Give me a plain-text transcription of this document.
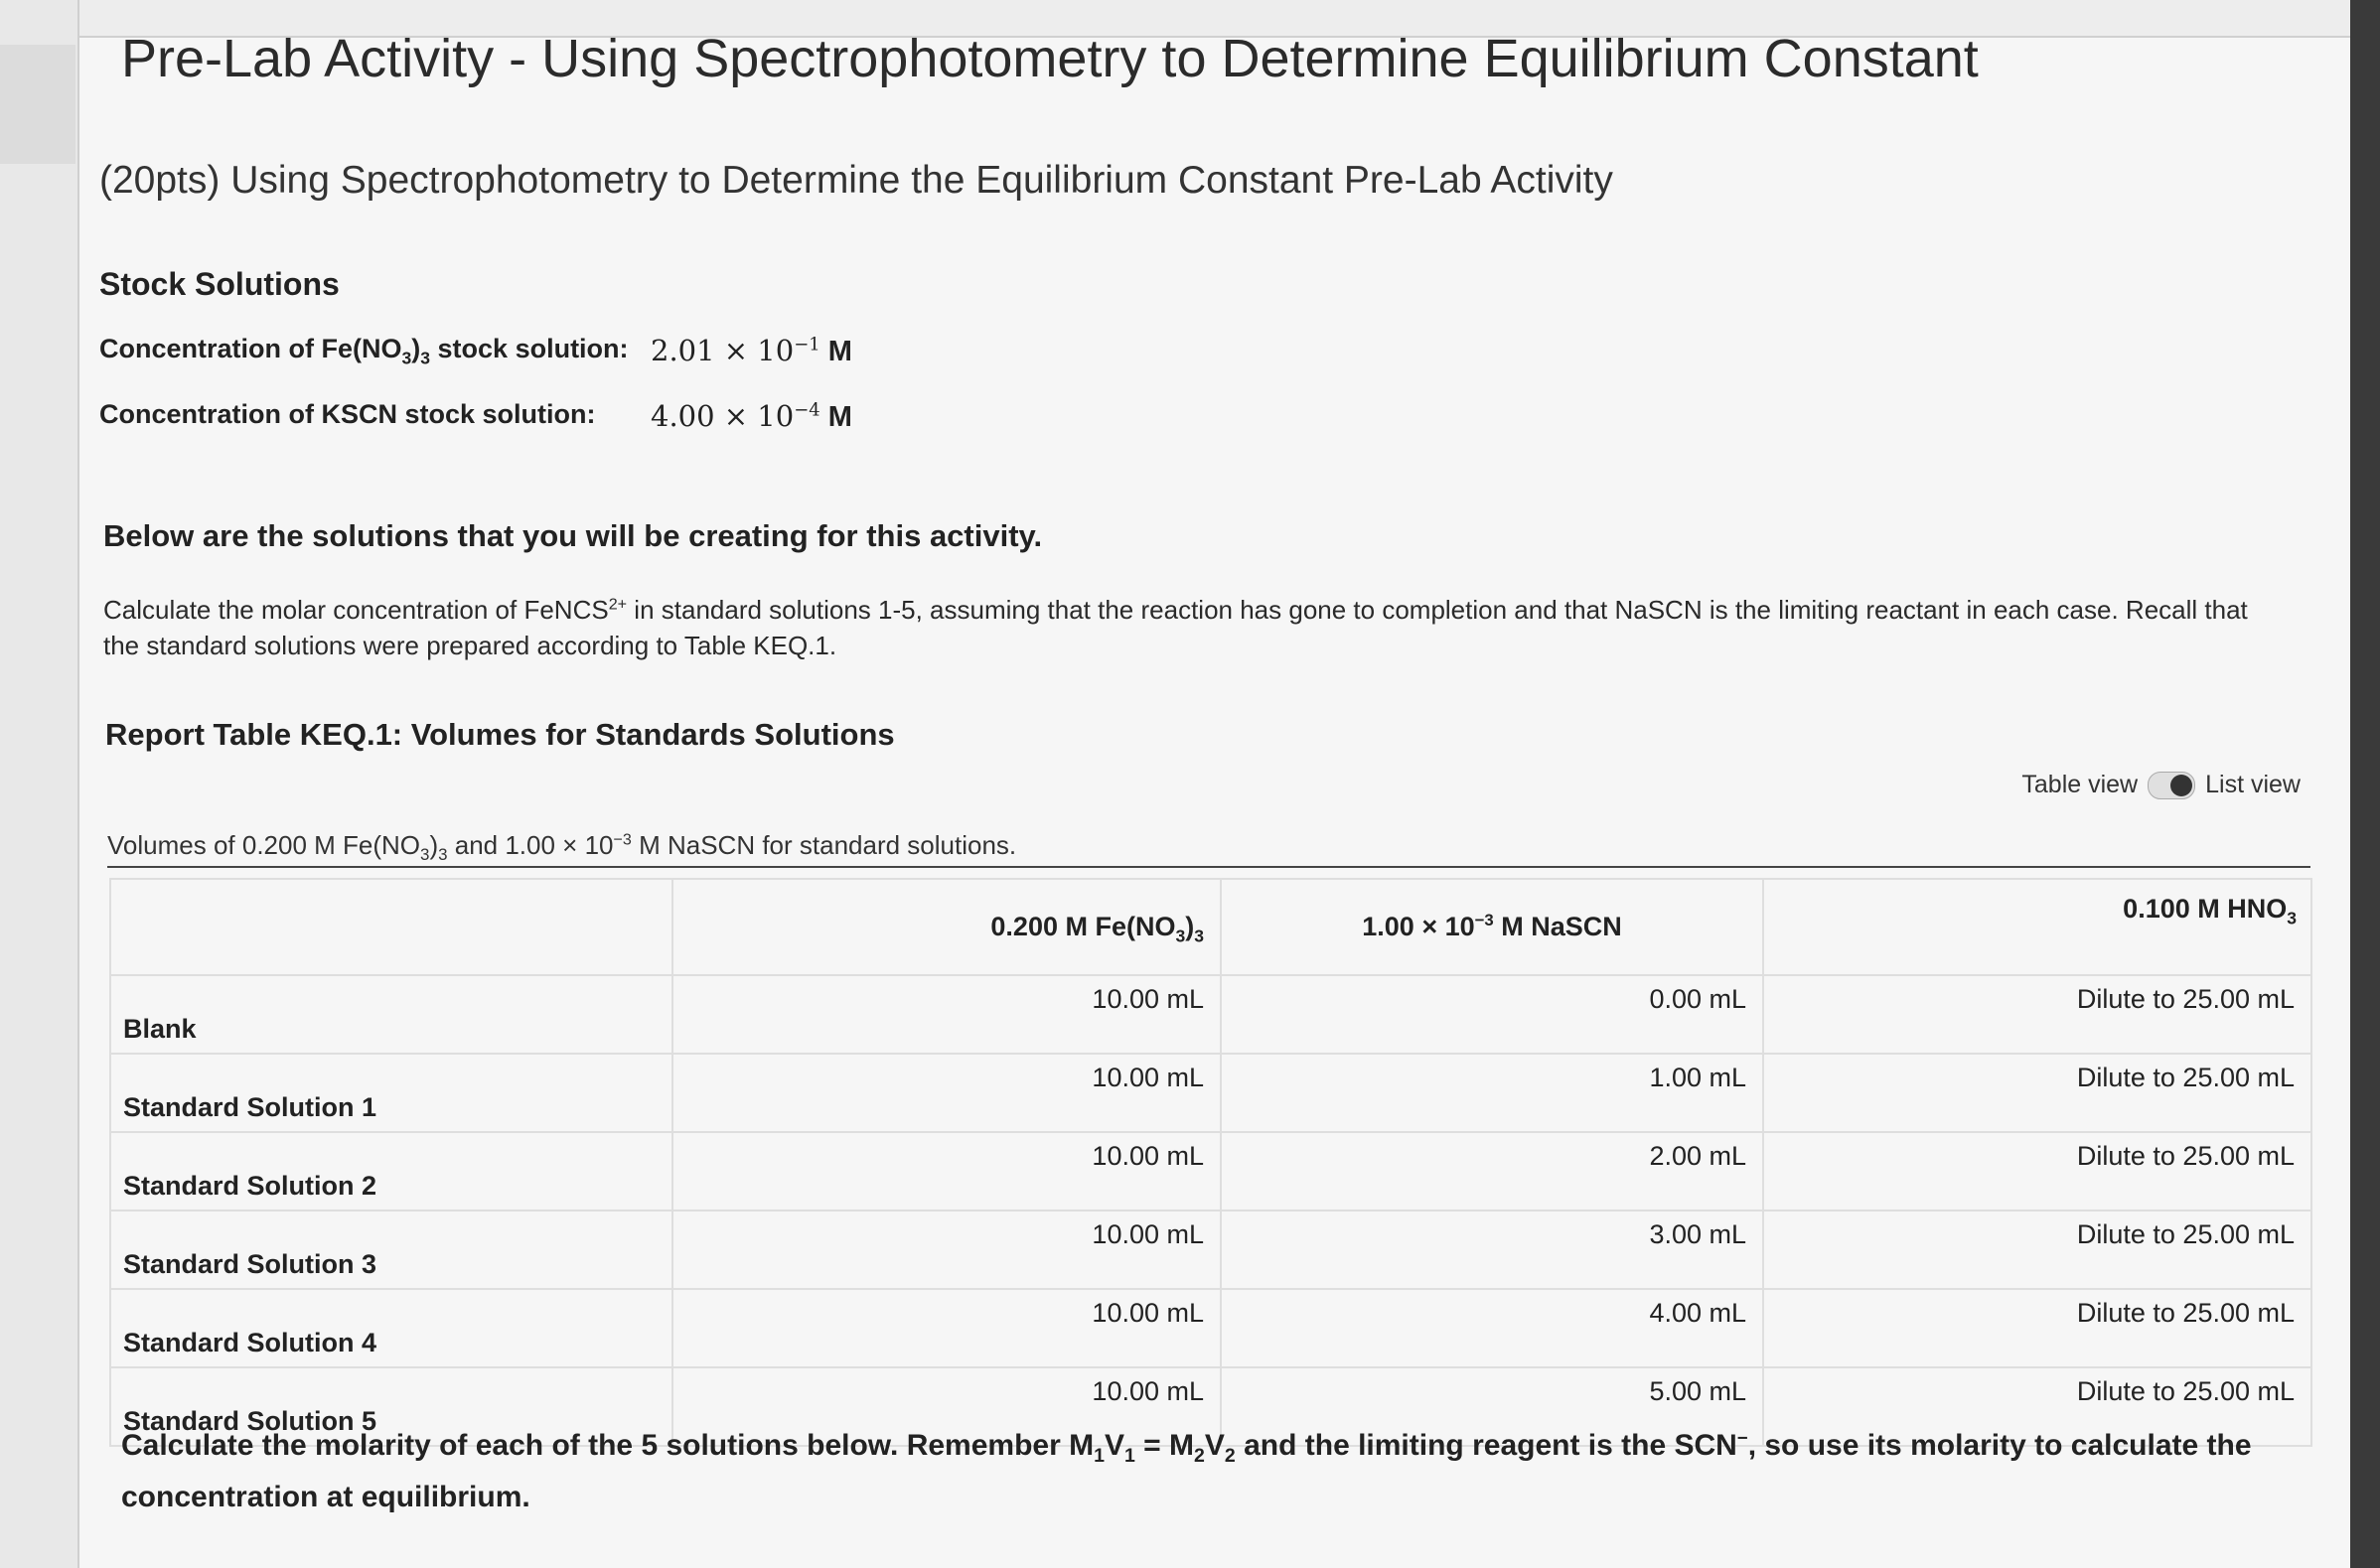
Pre-Lab Activity - Using Spectrophotometry to Determine Equilibrium Constant
(20pts) Using Spectrophotometry to Determine the Equilibrium Constant Pre-Lab Activity
Stock Solutions
Concentration of $Fe(NO_3)_3$ stock solution: $2.01 \times 10^{-1}$ M
Concentration of KSCN stock solution: $4.00 \times 10^{-4}$ M
Below are the solutions that you will be creating for this activity.
Calculate the molar concentration of FeNCS$^{2+}$ in standard solutions 1-5, assuming that the reaction has gone to completion and that NaSCN is the limiting reactant in each case. Recall that the standard solutions were prepared according to Table KEQ.1.
Report Table KEQ.1: Volumes for Standards Solutions
Table view	List view
Volumes of 0.200 M $Fe(NO_3)_3$ and $1.00 \times 10^{-3}$ M NaSCN for standard solutions.
	0.200 M $Fe(NO_3)_3$	$1.00 \times 10^{-3}$ M NaSCN	0.100 M $HNO_3$
Blank	10.00 mL	0.00 mL	Dilute to 25.00 mL
Standard Solution 1	10.00 mL	1.00 mL	Dilute to 25.00 mL
Standard Solution 2	10.00 mL	2.00 mL	Dilute to 25.00 mL
Standard Solution 3	10.00 mL	3.00 mL	Dilute to 25.00 mL
Standard Solution 4	10.00 mL	4.00 mL	Dilute to 25.00 mL
Standard Solution 5	10.00 mL	5.00 mL	Dilute to 25.00 mL
Calculate the molarity of each of the 5 solutions below. Remember $M_1V_1 = M_2V_2$ and the limiting reagent is the SCN−, so use its molarity to calculate the concentration at equilibrium.
